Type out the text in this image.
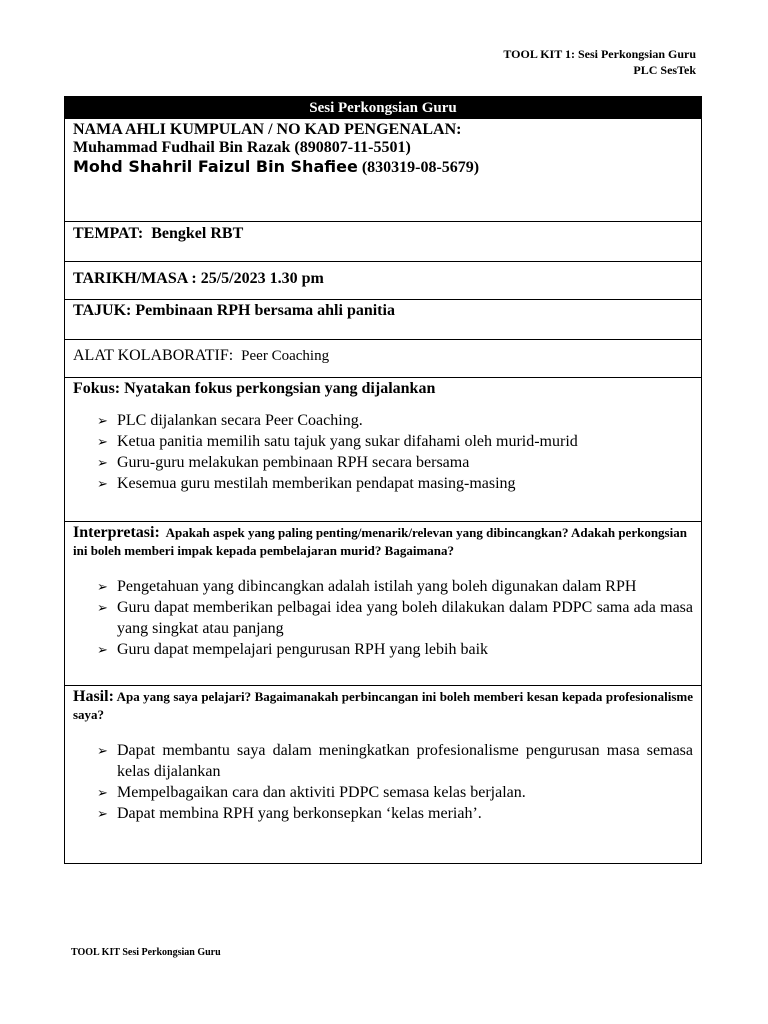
TOOL KIT 1: Sesi Perkongsian Guru
PLC SesTek
Sesi Perkongsian Guru
NAMA AHLI KUMPULAN / NO KAD PENGENALAN:
Muhammad Fudhail Bin Razak (890807-11-5501)
Mohd Shahril Faizul Bin Shafiee (830319-08-5679)
TEMPAT: Bengkel RBT
TARIKH/MASA : 25/5/2023 1.30 pm
TAJUK: Pembinaan RPH bersama ahli panitia
ALAT KOLABORATIF: Peer Coaching
Fokus: Nyatakan fokus perkongsian yang dijalankan
➢ PLC dijalankan secara Peer Coaching.
➢ Ketua panitia memilih satu tajuk yang sukar difahami oleh murid-murid
➢ Guru-guru melakukan pembinaan RPH secara bersama
➢ Kesemua guru mestilah memberikan pendapat masing-masing
Interpretasi: Apakah aspek yang paling penting/menarik/relevan yang dibincangkan? Adakah perkongsian ini boleh memberi impak kepada pembelajaran murid? Bagaimana?
➢ Pengetahuan yang dibincangkan adalah istilah yang boleh digunakan dalam RPH
➢ Guru dapat memberikan pelbagai idea yang boleh dilakukan dalam PDPC sama ada masa yang singkat atau panjang
➢ Guru dapat mempelajari pengurusan RPH yang lebih baik
Hasil: Apa yang saya pelajari? Bagaimanakah perbincangan ini boleh memberi kesan kepada profesionalisme saya?
➢ Dapat membantu saya dalam meningkatkan profesionalisme pengurusan masa semasa kelas dijalankan
➢ Mempelbagaikan cara dan aktiviti PDPC semasa kelas berjalan.
➢ Dapat membina RPH yang berkonsepkan ‘kelas meriah’.
TOOL KIT Sesi Perkongsian Guru
